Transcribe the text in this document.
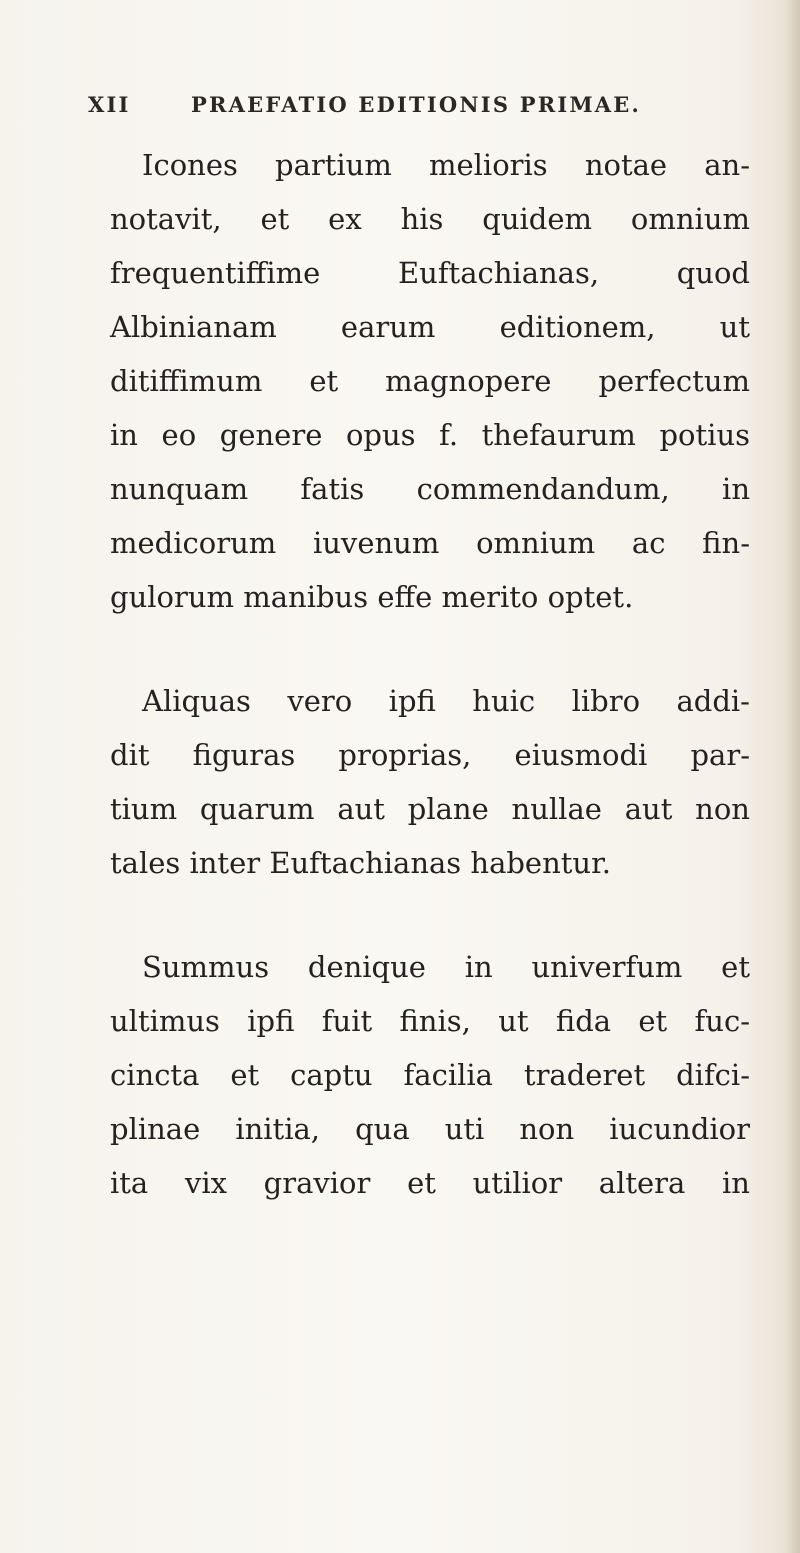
XII	PRAEFATIO EDITIONIS PRIMAE.
Icones partium melioris notae an-
notavit, et ex his quidem omnium
frequentiffime Euftachianas, quod
Albinianam earum editionem, ut
ditiffimum et magnopere perfectum
in eo genere opus f. thefaurum potius
nunquam fatis commendandum, in
medicorum iuvenum omnium ac fin-
gulorum manibus effe merito optet.
Aliquas vero ipfi huic libro addi-
dit figuras proprias, eiusmodi par-
tium quarum aut plane nullae aut non
tales inter Euftachianas habentur.
Summus denique in univerfum et
ultimus ipfi fuit finis, ut fida et fuc-
cincta et captu facilia traderet difci-
plinae initia, qua uti non iucundior
ita vix gravior et utilior altera in
